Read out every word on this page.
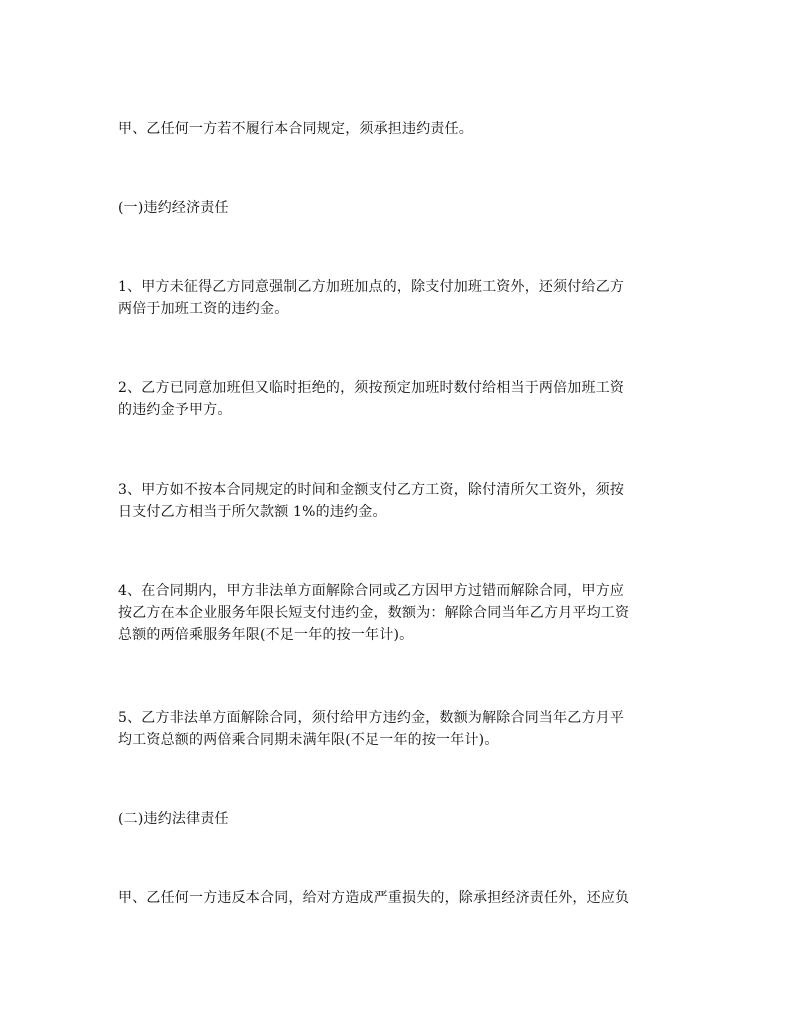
甲、乙任何一方若不履行本合同规定，须承担违约责任。

(一)违约经济责任

1、甲方未征得乙方同意强制乙方加班加点的，除支付加班工资外，还须付给乙方
两倍于加班工资的违约金。

2、乙方已同意加班但又临时拒绝的，须按预定加班时数付给相当于两倍加班工资
的违约金予甲方。

3、甲方如不按本合同规定的时间和金额支付乙方工资，除付清所欠工资外，须按
日支付乙方相当于所欠款额 1%的违约金。

4、在合同期内，甲方非法单方面解除合同或乙方因甲方过错而解除合同，甲方应
按乙方在本企业服务年限长短支付违约金，数额为：解除合同当年乙方月平均工资
总额的两倍乘服务年限(不足一年的按一年计)。

5、乙方非法单方面解除合同，须付给甲方违约金，数额为解除合同当年乙方月平
均工资总额的两倍乘合同期未满年限(不足一年的按一年计)。

(二)违约法律责任

甲、乙任何一方违反本合同，给对方造成严重损失的，除承担经济责任外，还应负
